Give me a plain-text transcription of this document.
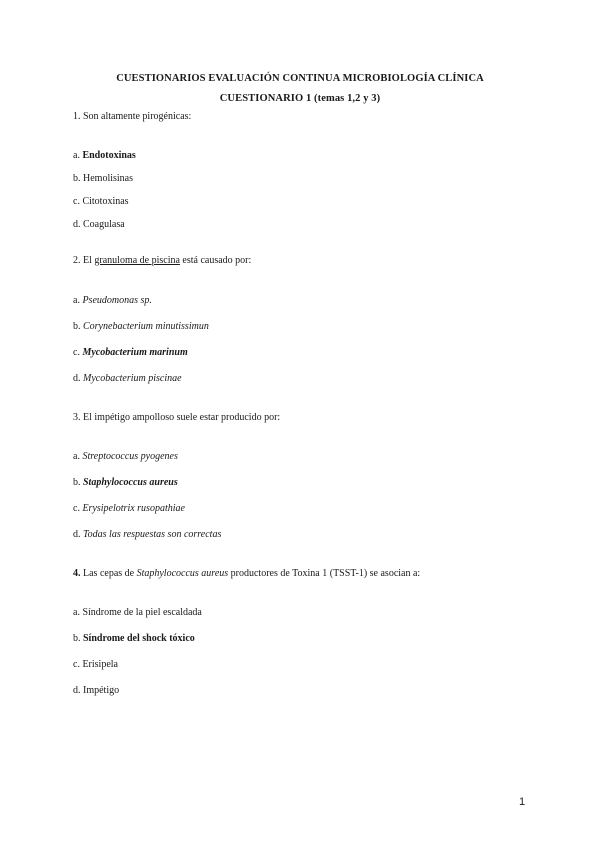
CUESTIONARIOS EVALUACIÓN CONTINUA MICROBIOLOGÍA CLÍNICA
CUESTIONARIO 1 (temas 1,2 y 3)
1. Son altamente pirogénicas:
a. Endotoxinas
b. Hemolisinas
c. Citotoxinas
d. Coagulasa
2. El granuloma de piscina está causado por:
a. Pseudomonas sp.
b. Corynebacterium minutissimun
c. Mycobacterium marinum
d. Mycobacterium piscinae
3. El impétigo ampolloso suele estar producido por:
a. Streptococcus pyogenes
b. Staphylococcus aureus
c. Erysipelotrix rusopathiae
d. Todas las respuestas son correctas
4. Las cepas de Staphylococcus aureus productores de Toxina 1 (TSST-1) se asocian a:
a. Síndrome de la piel escaldada
b. Síndrome del shock tóxico
c. Erisipela
d. Impétigo
1
